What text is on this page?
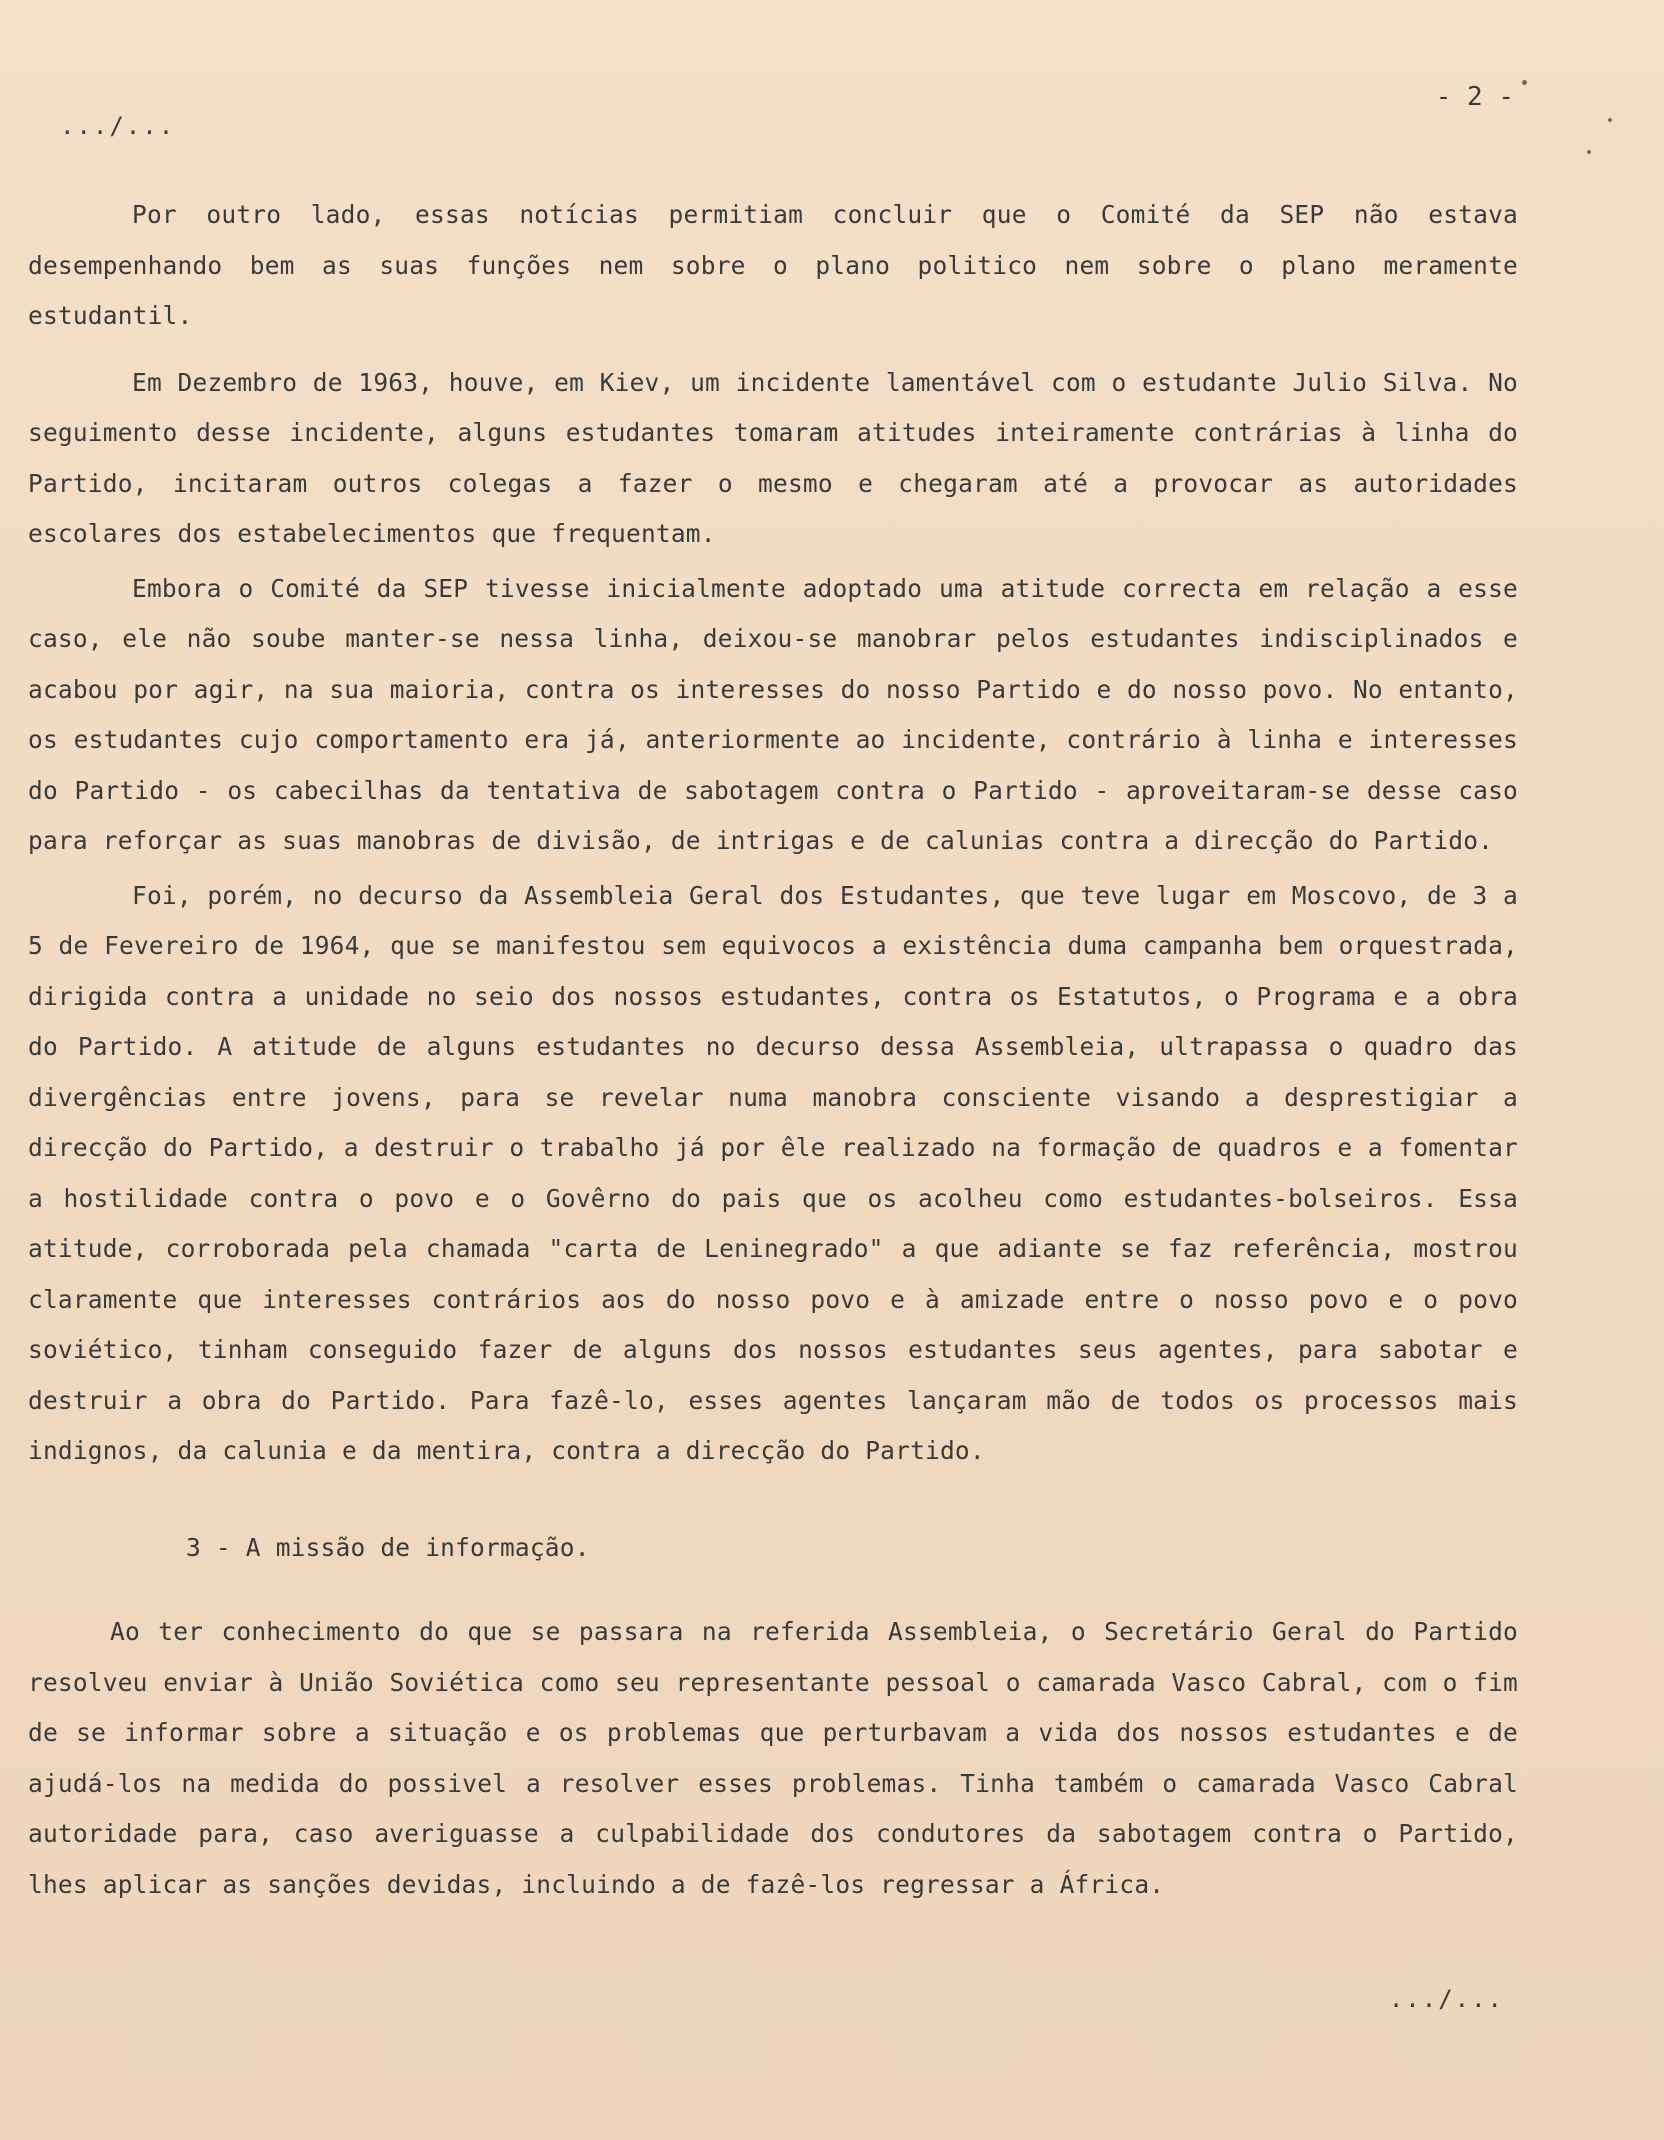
.../...
- 2 -

Por outro lado, essas notícias permitiam concluir que o Comité da SEP não estava desempenhando bem as suas funções nem sobre o plano politico nem sobre o plano meramente estudantil.

Em Dezembro de 1963, houve, em Kiev, um incidente lamentável com o estudante Julio Silva. No seguimento desse incidente, alguns estudantes tomaram atitudes inteiramente contrárias à linha do Partido, incitaram outros colegas a fazer o mesmo e chegaram até a provocar as autoridades escolares dos estabelecimentos que frequentam.

Embora o Comité da SEP tivesse inicialmente adoptado uma atitude correcta em relação a esse caso, ele não soube manter-se nessa linha, deixou-se manobrar pelos estudantes indisciplinados e acabou por agir, na sua maioria, contra os interesses do nosso Partido e do nosso povo. No entanto, os estudantes cujo comportamento era já, anteriormente ao incidente, contrário à linha e interesses do Partido - os cabecilhas da tentativa de sabotagem contra o Partido - aproveitaram-se desse caso para reforçar as suas manobras de divisão, de intrigas e de calunias contra a direcção do Partido.

Foi, porém, no decurso da Assembleia Geral dos Estudantes, que teve lugar em Moscovo, de 3 a 5 de Fevereiro de 1964, que se manifestou sem equivocos a existência duma campanha bem orquestrada, dirigida contra a unidade no seio dos nossos estudantes, contra os Estatutos, o Programa e a obra do Partido. A atitude de alguns estudantes no decurso dessa Assembleia, ultrapassa o quadro das divergências entre jovens, para se revelar numa manobra consciente visando a desprestigiar a direcção do Partido, a destruir o trabalho já por êle realizado na formação de quadros e a fomentar a hostilidade contra o povo e o Govêrno do pais que os acolheu como estudantes-bolseiros. Essa atitude, corroborada pela chamada "carta de Leninegrado" a que adiante se faz referência, mostrou claramente que interesses contrários aos do nosso povo e à amizade entre o nosso povo e o povo soviético, tinham conseguido fazer de alguns dos nossos estudantes seus agentes, para sabotar e destruir a obra do Partido. Para fazê-lo, esses agentes lançaram mão de todos os processos mais indignos, da calunia e da mentira, contra a direcção do Partido.

3 - A missão de informação.

Ao ter conhecimento do que se passara na referida Assembleia, o Secretário Geral do Partido resolveu enviar à União Soviética como seu representante pessoal o camarada Vasco Cabral, com o fim de se informar sobre a situação e os problemas que perturbavam a vida dos nossos estudantes e de ajudá-los na medida do possivel a resolver esses problemas. Tinha também o camarada Vasco Cabral autoridade para, caso averiguasse a culpabilidade dos condutores da sabotagem contra o Partido, lhes aplicar as sanções devidas, incluindo a de fazê-los regressar a África.

.../...
